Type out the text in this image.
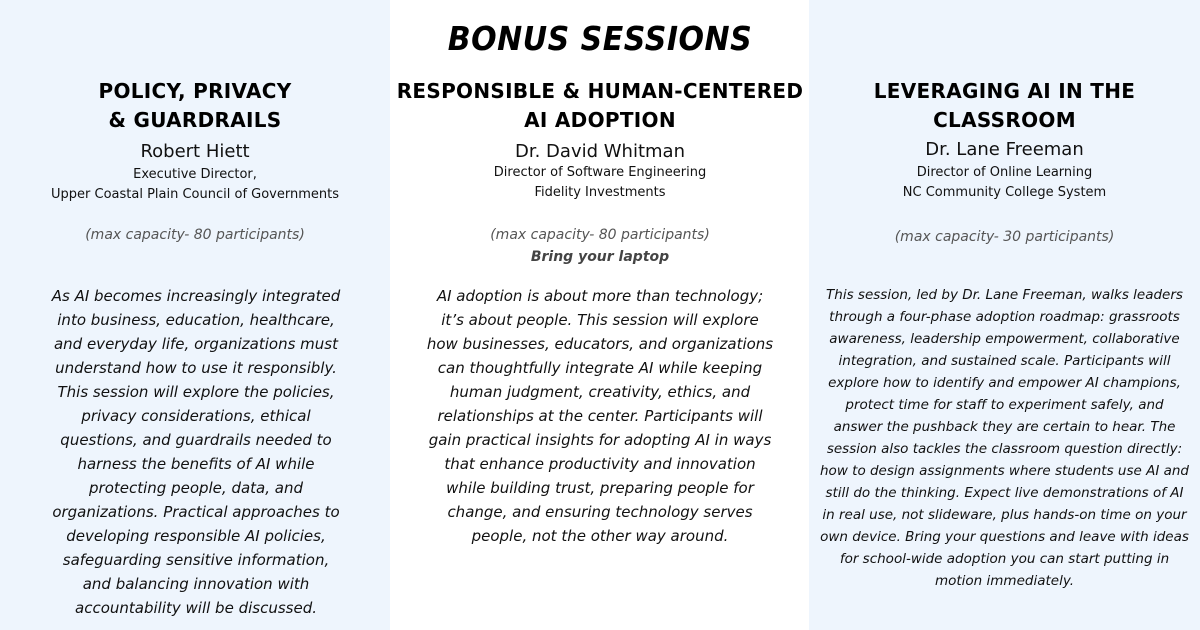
POLICY, PRIVACY
& GUARDRAILS
Robert Hiett
Executive Director,
Upper Coastal Plain Council of Governments
(max capacity- 80 participants)
As AI becomes increasingly integrated into business, education, healthcare, and everyday life, organizations must understand how to use it responsibly. This session will explore the policies, privacy considerations, ethical questions, and guardrails needed to harness the benefits of AI while protecting people, data, and organizations. Practical approaches to developing responsible AI policies, safeguarding sensitive information, and balancing innovation with accountability will be discussed.
RESPONSIBLE & HUMAN-CENTERED
AI ADOPTION
Dr. David Whitman
Director of Software Engineering
Fidelity Investments
(max capacity- 80 participants)
Bring your laptop
AI adoption is about more than technology; it’s about people. This session will explore how businesses, educators, and organizations can thoughtfully integrate AI while keeping human judgment, creativity, ethics, and relationships at the center. Participants will gain practical insights for adopting AI in ways that enhance productivity and innovation while building trust, preparing people for change, and ensuring technology serves people, not the other way around.
LEVERAGING AI IN THE
CLASSROOM
Dr. Lane Freeman
Director of Online Learning
NC Community College System
(max capacity- 30 participants)
This session, led by Dr. Lane Freeman, walks leaders through a four-phase adoption roadmap: grassroots awareness, leadership empowerment, collaborative integration, and sustained scale. Participants will explore how to identify and empower AI champions, protect time for staff to experiment safely, and answer the pushback they are certain to hear. The session also tackles the classroom question directly: how to design assignments where students use AI and still do the thinking. Expect live demonstrations of AI in real use, not slideware, plus hands-on time on your own device. Bring your questions and leave with ideas for school-wide adoption you can start putting in motion immediately.
BONUS SESSIONS
